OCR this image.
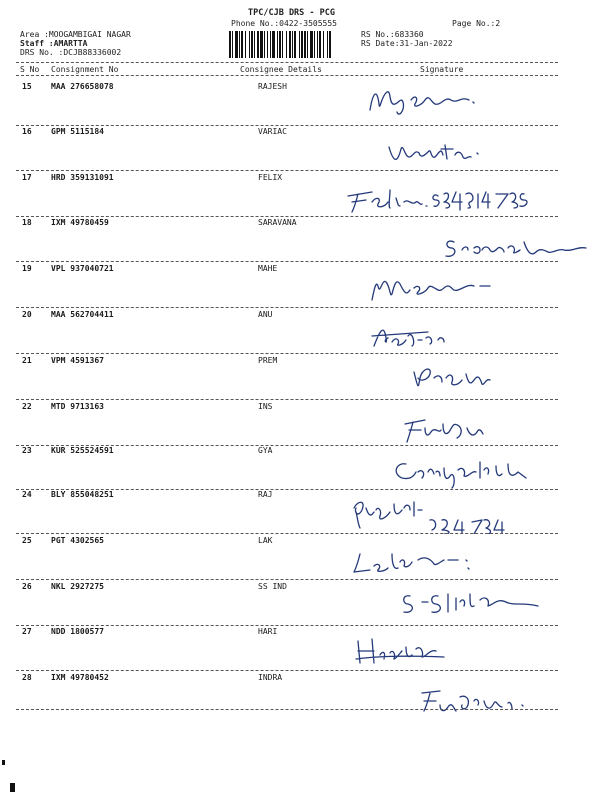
TPC/CJB DRS - PCG
Phone No.:0422-3505555	Page No.:2
Area :MOOGAMBIGAI NAGAR
Staff :AMARTTA
DRS No. :DCJB88336002
RS No.:683360
RS Date:31-Jan-2022
S No Consignment No	Consignee Details	Signature
15 MAA 276658078	RAJESH
16 GPM 5115184	VARIAC
17 HRD 359131091	FELIX
18 IXM 49780459	SARAVANA
19 VPL 937040721	MAHE
20 MAA 562704411	ANU
21 VPM 4591367	PREM
22 MTD 9713163	INS
23 KUR 525524591	GYA
24 BLY 855048251	RAJ
25 PGT 4302565	LAK
26 NKL 2927275	SS IND
27 NDD 1800577	HARI
28 IXM 49780452	INDRA
